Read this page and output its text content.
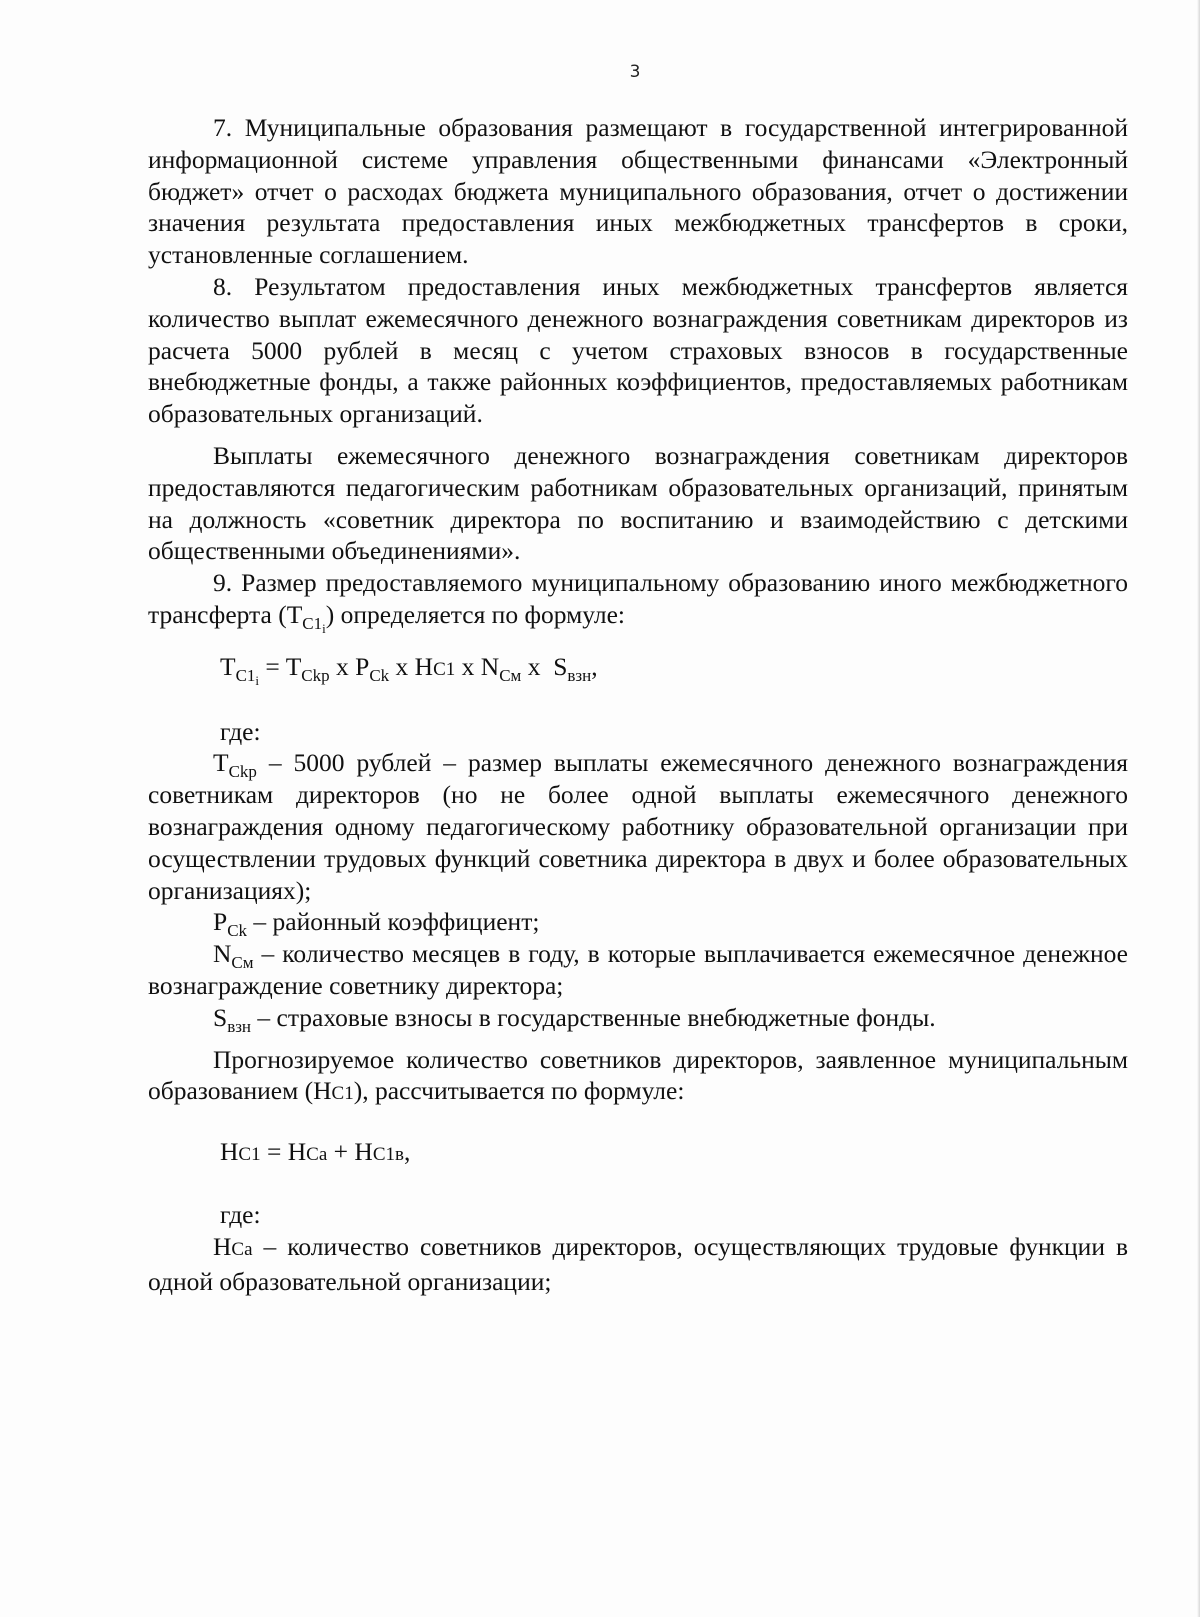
3

7. Муниципальные образования размещают в государственной интегрированной информационной системе управления общественными финансами «Электронный бюджет» отчет о расходах бюджета муниципального образования, отчет о достижении значения результата предоставления иных межбюджетных трансфертов в сроки, установленные соглашением.

8. Результатом предоставления иных межбюджетных трансфертов является количество выплат ежемесячного денежного вознаграждения советникам директоров из расчета 5000 рублей в месяц с учетом страховых взносов в государственные внебюджетные фонды, а также районных коэффициентов, предоставляемых работникам образовательных организаций.

Выплаты ежемесячного денежного вознаграждения советникам директоров предоставляются педагогическим работникам образовательных организаций, принятым на должность «советник директора по воспитанию и взаимодействию с детскими общественными объединениями».

9. Размер предоставляемого муниципальному образованию иного межбюджетного трансферта $(T_{C1_i})$ определяется по формуле:

$T_{C1_i} = T_{Ckp}$ x $P_{Ck}$ x НC1 x $N_{См}$ x  $S_{взн}$,

где:

$T_{Ckp} - 5000$ рублей – размер выплаты ежемесячного денежного вознаграждения советникам директоров (но не более одной выплаты ежемесячного денежного вознаграждения одному педагогическому работнику образовательной организации при осуществлении трудовых функций советника директора в двух и более образовательных организациях);

$P_{Ck}$ – районный коэффициент;

$N_{См}$ – количество месяцев в году, в которые выплачивается ежемесячное денежное вознаграждение советнику директора;

$S_{взн}$ – страховые взносы в государственные внебюджетные фонды.

Прогнозируемое количество советников директоров, заявленное муниципальным образованием (НC1), рассчитывается по формуле:

НC1 = НCa + НC1в,

где:

НCa – количество советников директоров, осуществляющих трудовые функции в одной образовательной организации;
